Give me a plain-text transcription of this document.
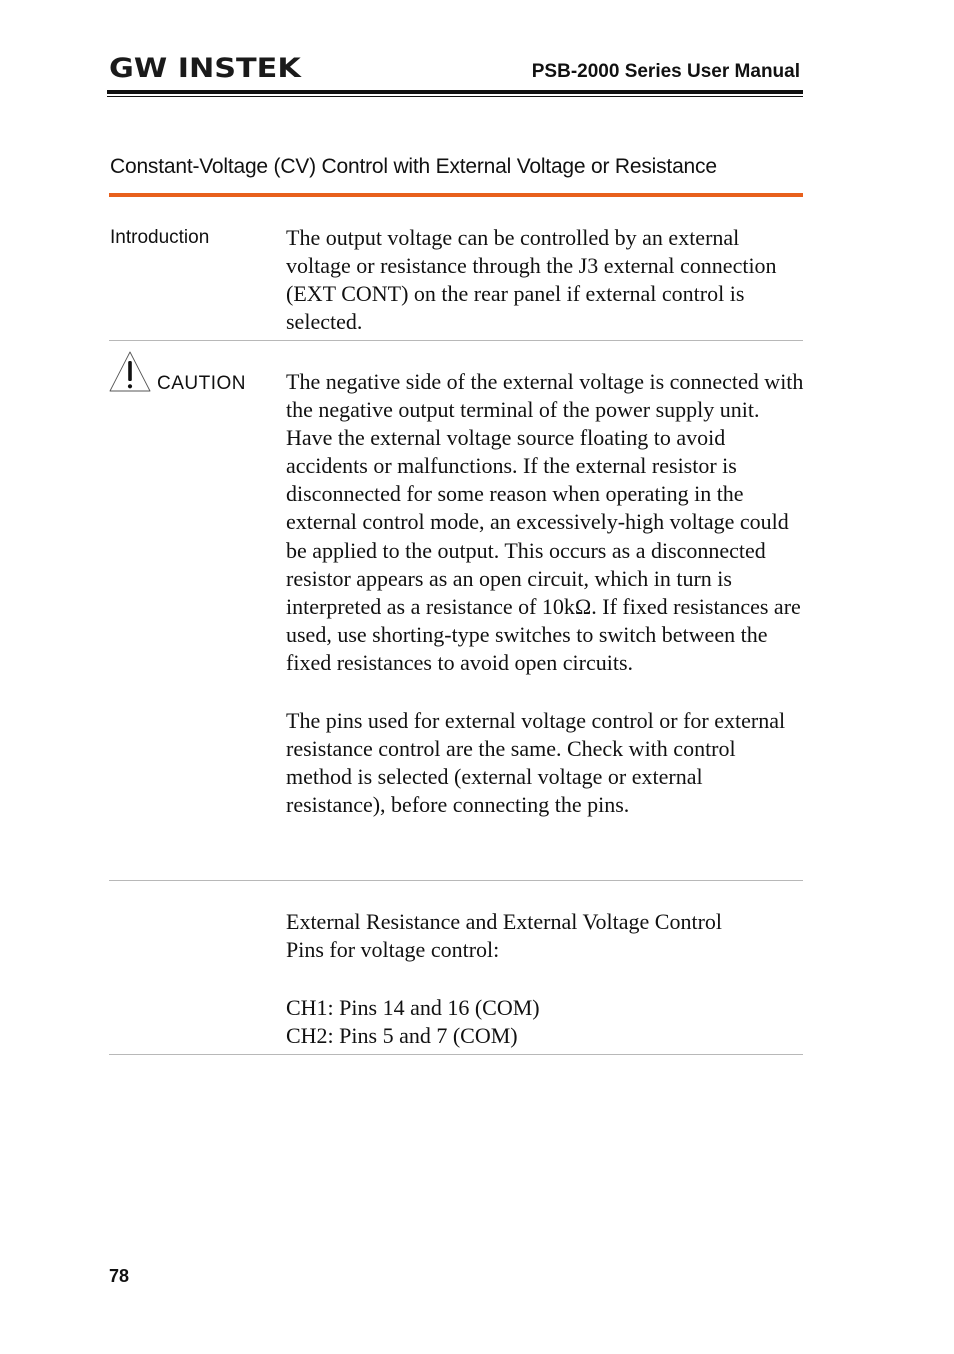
GW INSTEK	PSB-2000 Series User Manual
Constant-Voltage (CV) Control with External Voltage or Resistance
Introduction	The output voltage can be controlled by an external voltage or resistance through the J3 external connection (EXT CONT) on the rear panel if external control is selected.

CAUTION The negative side of the external voltage is connected with the negative output terminal of the power supply unit. Have the external voltage source floating to avoid accidents or malfunctions. If the external resistor is disconnected for some reason when operating in the external control mode, an excessively-high voltage could be applied to the output. This occurs as a disconnected resistor appears as an open circuit, which in turn is interpreted as a resistance of 10kΩ. If fixed resistances are used, use shorting-type switches to switch between the fixed resistances to avoid open circuits.

The pins used for external voltage control or for external resistance control are the same. Check with control method is selected (external voltage or external resistance), before connecting the pins.

External Resistance and External Voltage Control

Pins for voltage control:

CH1: Pins 14 and 16 (COM)

CH2: Pins 5 and 7 (COM)

78
